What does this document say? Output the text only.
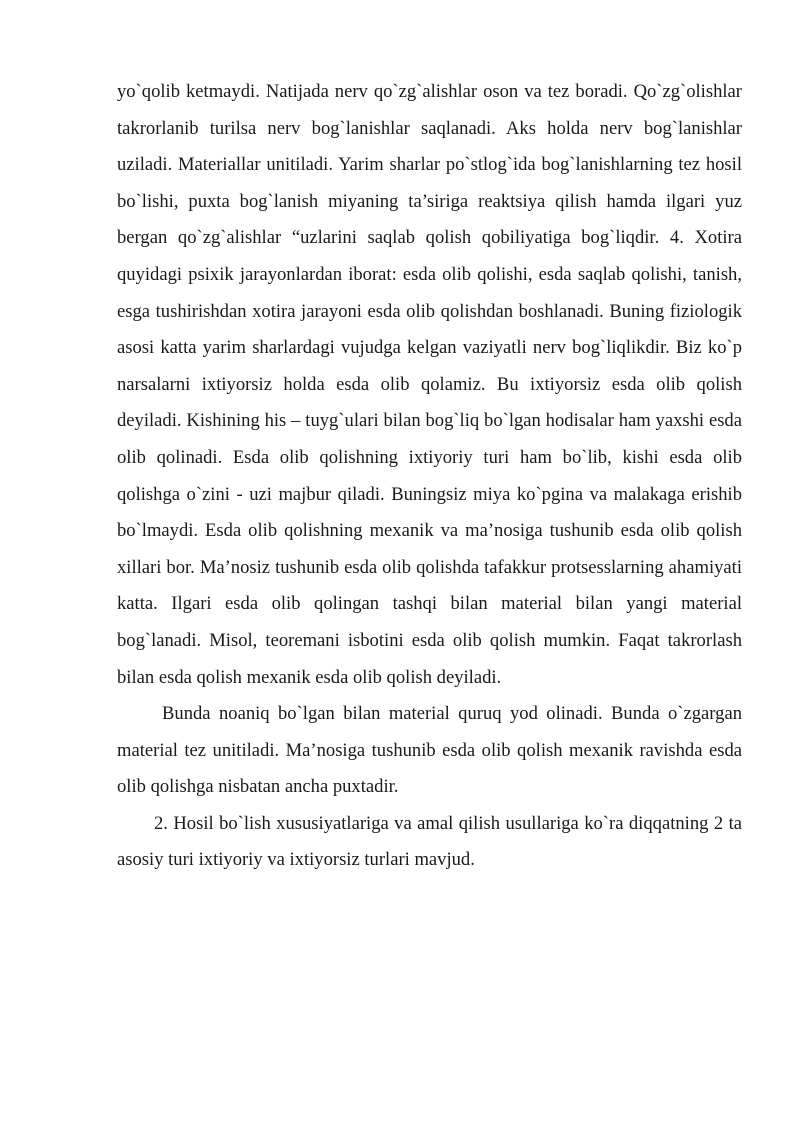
yo`qolib ketmaydi. Natijada nerv qo`zg`alishlar oson va tez boradi. Qo`zg`olishlar takrorlanib turilsa nerv bog`lanishlar saqlanadi. Aks holda nerv bog`lanishlar uziladi. Materiallar unitiladi. Yarim sharlar po`stlog`ida bog`lanishlarning tez hosil bo`lishi, puxta bog`lanish miyaning ta’siriga reaktsiya qilish hamda ilgari yuz bergan qo`zg`alishlar “uzlarini saqlab qolish qobiliyatiga bog`liqdir. 4. Xotira quyidagi psixik jarayonlardan iborat: esda olib qolishi, esda saqlab qolishi, tanish, esga tushirishdan xotira jarayoni esda olib qolishdan boshlanadi. Buning fiziologik asosi katta yarim sharlardagi vujudga kelgan vaziyatli nerv bog`liqlikdir. Biz ko`p narsalarni ixtiyorsiz holda esda olib qolamiz. Bu ixtiyorsiz esda olib qolish deyiladi. Kishining his – tuyg`ulari bilan bog`liq bo`lgan hodisalar ham yaxshi esda olib qolinadi. Esda olib qolishning ixtiyoriy turi ham bo`lib, kishi esda olib qolishga o`zini - uzi majbur qiladi. Buningsiz miya ko`pgina va malakaga erishib bo`lmaydi. Esda olib qolishning mexanik va ma’nosiga tushunib esda olib qolish xillari bor. Ma’nosiz tushunib esda olib qolishda tafakkur protsesslarning ahamiyati katta. Ilgari esda olib qolingan tashqi bilan material bilan yangi material bog`lanadi. Misol, teoremani isbotini esda olib qolish mumkin. Faqat takrorlash bilan esda qolish mexanik esda olib qolish deyiladi.

Bunda noaniq bo`lgan bilan material quruq yod olinadi. Bunda o`zgargan material tez unitiladi. Ma’nosiga tushunib esda olib qolish mexanik ravishda esda olib qolishga nisbatan ancha puxtadir.

2. Hosil bo`lish xususiyatlariga va amal qilish usullariga ko`ra diqqatning 2 ta asosiy turi ixtiyoriy va ixtiyorsiz turlari mavjud.
